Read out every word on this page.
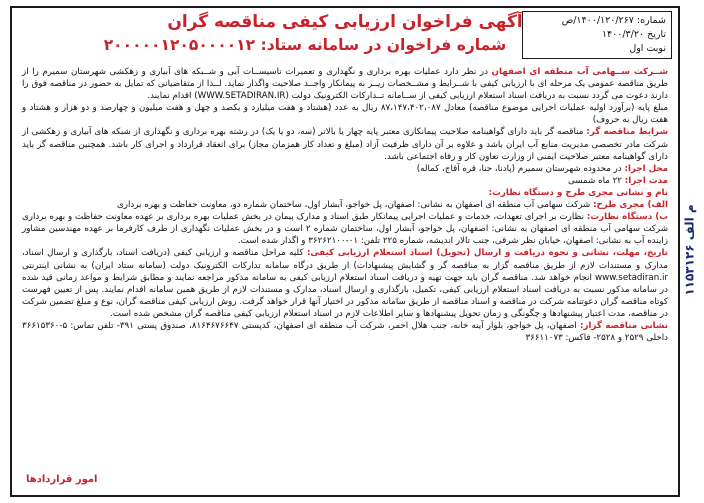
شماره: ۱۴۰۰/۱۲۰/۲۶۷/ص
تاریخ ۱۴۰۰/۳/۲۰
نوبت اول
آگهی فراخوان ارزیابی کیفی مناقصه گران
شماره فراخوان در سامانه ستاد: ۲۰۰۰۰۰۱۲۰۵۰۰۰۰۱۲

شــرکت ســهامی آب منطقه ای اصفهان در نظر دارد عملیات بهره برداری و نگهداری و تعمیرات تاسیســات آبی و شــبکه های آبیاری و زهکشی شهرستان سمیرم را از طریق مناقصه عمومی یک مرحله ای با ارزیابی کیفی با شــرایط و مشــخصات زیــر به پیمانکار واجــد صلاحیت واگذار نماید. لــذا از متقاضیانی که تمایل به حضور در مناقصه فوق را دارند دعوت می گردد نسبت به دریافت اسناد استعلام ارزیابی کیفی از ســامانه تــدارکات الکترونیک دولت (WWW.SETADIRAN.IR) اقدام نمایند.

مبلغ پایه (برآورد اولیه عملیات اجرایی موضوع مناقصه) معادل ۸۷،۱۴۷،۴۰۲،۰۸۷ ریال به عدد (هشتاد و هفت میلیارد و یکصد و چهل و هفت میلیون و چهارصد و دو هزار و هشتاد و هفت ریال به حروف)

شرایط مناقصه گر: مناقصه گر باید دارای گواهینامه صلاحیت پیمانکاری معتبر پایه چهار یا بالاتر (سه، دو یا یک) در رشته بهره برداری و نگهداری از شبکه های آبیاری و زهکشی از شرکت مادر تخصصی مدیریت منابع آب ایران باشد و علاوه بر آن دارای ظرفیت آزاد (مبلغ و تعداد کار همزمان مجاز) برای انعقاد قرارداد و اجرای کار باشد. همچنین مناقصه گر باید دارای گواهینامه معتبر صلاحیت ایمنی از وزارت تعاون کار و رفاه اجتماعی باشد.

محل اجرا: در محدوده شهرستان سمیرم (پادنا، حنا، قره آقاج، کماله)

مدت اجرا: ۲۲ ماه شمسی

نام و نشانی مجری طرح و دستگاه نظارت:

الف) مجری طرح: شرکت سهامی آب منطقه ای اصفهان به نشانی: اصفهان، پل خواجو، آبشار اول، ساختمان شماره دو، معاونت حفاظت و بهره برداری

ب) دستگاه نظارت: نظارت بر اجرای تعهدات، خدمات و عملیات اجرایی پیمانکار طبق اسناد و مدارک پیمان در بخش عملیات بهره برداری بر عهده معاونت حفاظت و بهره برداری شرکت سهامی آب منطقه ای اصفهان به نشانی: اصفهان، پل خواجو، آبشار اول، ساختمان شماره ۲ است و در بخش عملیات نگهداری از طرف کارفرما بر عهده مهندسین مشاور زاینده آب به نشانی: اصفهان، خیابان نظر شرقی، جنب تالار اندیشه، شماره ۲۲۵ تلفن: ۰۱-۳۶۲۶۲۱۰۰ و اگذار شده است.

تاریخ، مهلت، نشانی و نحوه دریافت و ارسال (تحویل) اسناد استعلام ارزیابی کیفی: کلیه مراحل مناقصه و ارزیابی کیفی (دریافت اسناد، بارگذاری و ارسال اسناد، مدارک و مستندات لازم از طریق مناقصه گزار به مناقصه گر و گشایش پیشنهادات) از طریق درگاه سامانه تدارکات الکترونیک دولت (سامانه ستاد ایران) به نشانی اینترنتی www.setadiran.ir انجام خواهد شد. مناقصه گران باید جهت تهیه و دریافت اسناد استعلام ارزیابی کیفی به سامانه مذکور مراجعه نمایند و مطابق شرایط و مواعد زمانی قید شده در سامانه مذکور نسبت به دریافت اسناد استعلام ارزیابی کیفی، تکمیل، بارگذاری و ارسال اسناد، مدارک و مستندات لازم از طریق همین سامانه اقدام نمایند. پس از تعیین فهرست کوتاه مناقصه گران دعوتنامه شرکت در مناقصه و اسناد مناقصه از طریق سامانه مذکور در اختیار آنها قرار خواهد گرفت. روش ارزیابی کیفی مناقصه گران، نوع و مبلغ تضمین شرکت در مناقصه، مدت اعتبار پیشنهادها و چگونگی و زمان تحویل پیشنهادها و سایر اطلاعات لازم در اسناد استعلام ارزیابی کیفی مناقصه گران مشخص شده است.

نشانی مناقصه گزار: اصفهان، پل خواجو، بلوار آینه خانه، جنب هلال احمر، شرکت آب منطقه ای اصفهان، کدپستی ۸۱۶۴۶۷۶۶۴۷، صندوق پستی ۳۹۱- تلفن تماس: ۵-۳۶۶۱۵۳۶۰ داخلی ۲۵۲۹ و ۲۵۲۸- فاکس: ۳۶۶۱۱۰۷۳

امور قراردادها
۱۱۵۳۱۲۶ م الف
